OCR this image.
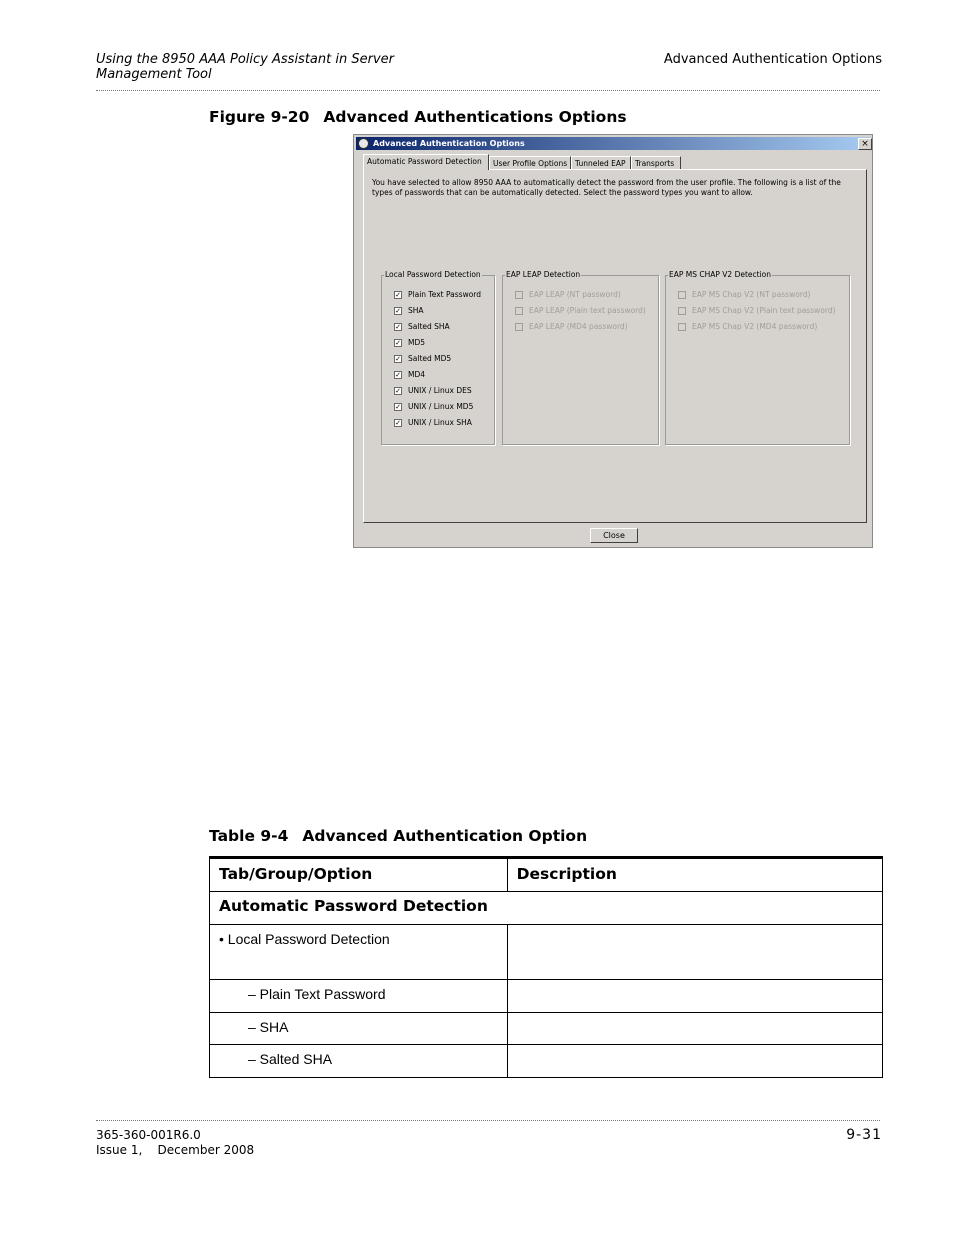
Using the 8950 AAA Policy Assistant in Server
Management Tool
Advanced Authentication Options
Figure 9-20 Advanced Authentications Options
Advanced Authentication Options	×
Automatic Password Detection	User Profile Options	Tunneled EAP	Transports
You have selected to allow 8950 AAA to automatically detect the password from the user profile. The following is a list of the types of passwords that can be automatically detected. Select the password types you want to allow.
Local Password Detection
✓ Plain Text Password
✓ SHA
✓ Salted SHA
✓ MD5
✓ Salted MD5
✓ MD4
✓ UNIX / Linux DES
✓ UNIX / Linux MD5
✓ UNIX / Linux SHA
EAP LEAP Detection
EAP LEAP (NT password)
EAP LEAP (Plain text password)
EAP LEAP (MD4 password)
EAP MS CHAP V2 Detection
EAP MS Chap V2 (NT password)
EAP MS Chap V2 (Plain text password)
EAP MS Chap V2 (MD4 password)
Close
Table 9-4 Advanced Authentication Option
Tab/Group/Option	Description
Automatic Password Detection	
• Local Password Detection	
– Plain Text Password	
– SHA	
– Salted SHA	
365-360-001R6.0
Issue 1,    December 2008
9-31
